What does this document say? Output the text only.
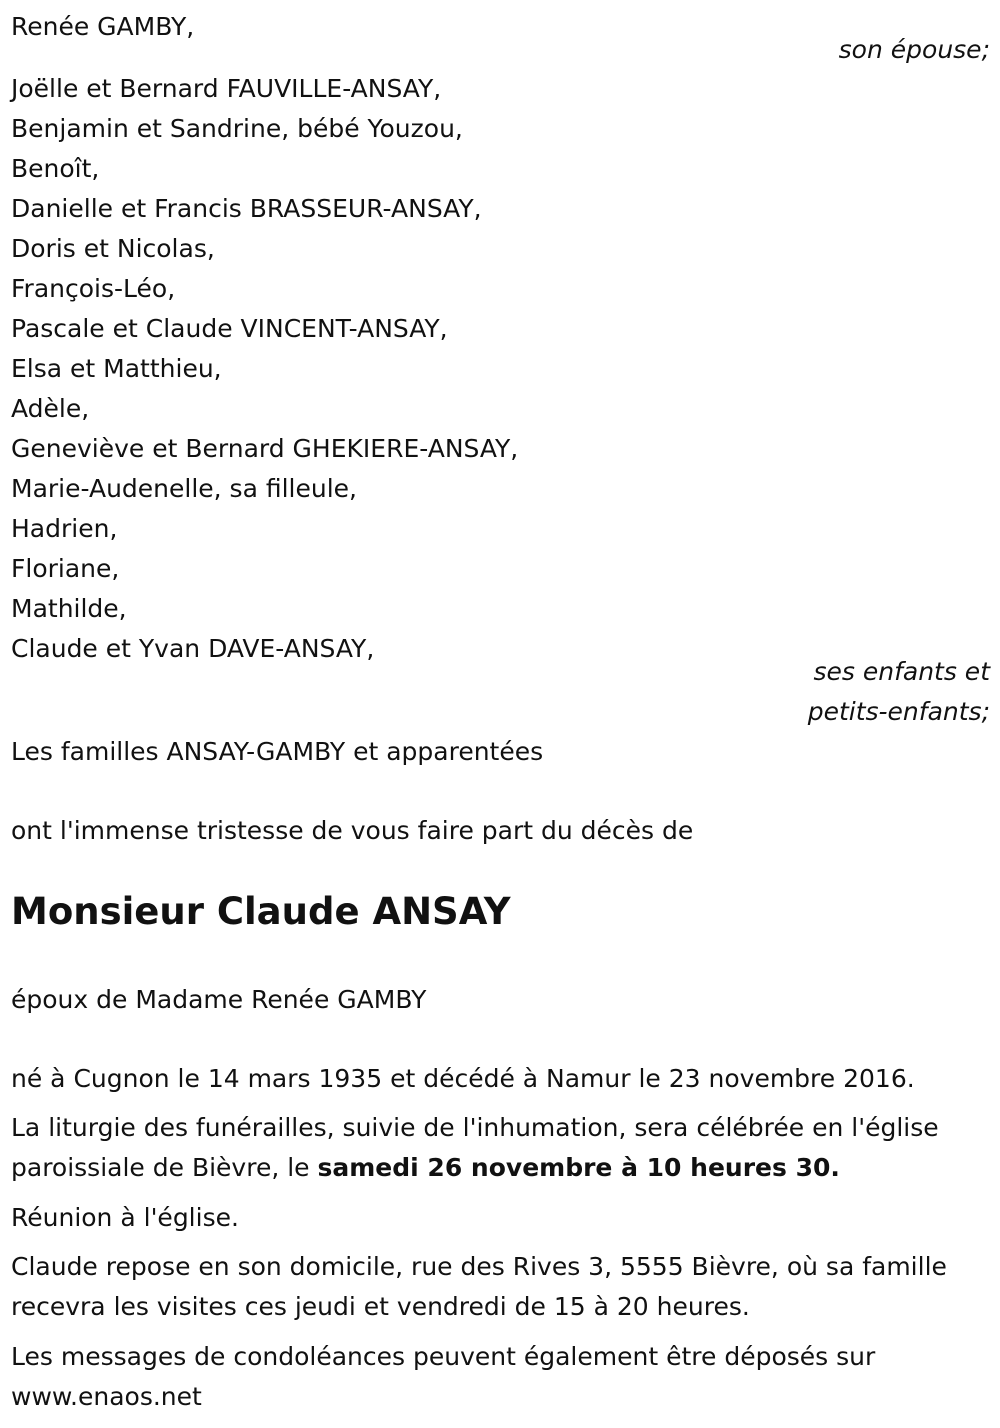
Renée GAMBY,
son épouse;
Joëlle et Bernard FAUVILLE-ANSAY,
Benjamin et Sandrine, bébé Youzou,
Benoît,
Danielle et Francis BRASSEUR-ANSAY,
Doris et Nicolas,
François-Léo,
Pascale et Claude VINCENT-ANSAY,
Elsa et Matthieu,
Adèle,
Geneviève et Bernard GHEKIERE-ANSAY,
Marie-Audenelle, sa filleule,
Hadrien,
Floriane,
Mathilde,
Claude et Yvan DAVE-ANSAY,
ses enfants et
petits-enfants;
Les familles ANSAY-GAMBY et apparentées
ont l'immense tristesse de vous faire part du décès de
Monsieur Claude ANSAY
époux de Madame Renée GAMBY
né à Cugnon le 14 mars 1935 et décédé à Namur le 23 novembre 2016.
La liturgie des funérailles, suivie de l'inhumation, sera célébrée en l'église paroissiale de Bièvre, le samedi 26 novembre à 10 heures 30.
Réunion à l'église.
Claude repose en son domicile, rue des Rives 3, 5555 Bièvre, où sa famille recevra les visites ces jeudi et vendredi de 15 à 20 heures.
Les messages de condoléances peuvent également être déposés sur www.enaos.net
